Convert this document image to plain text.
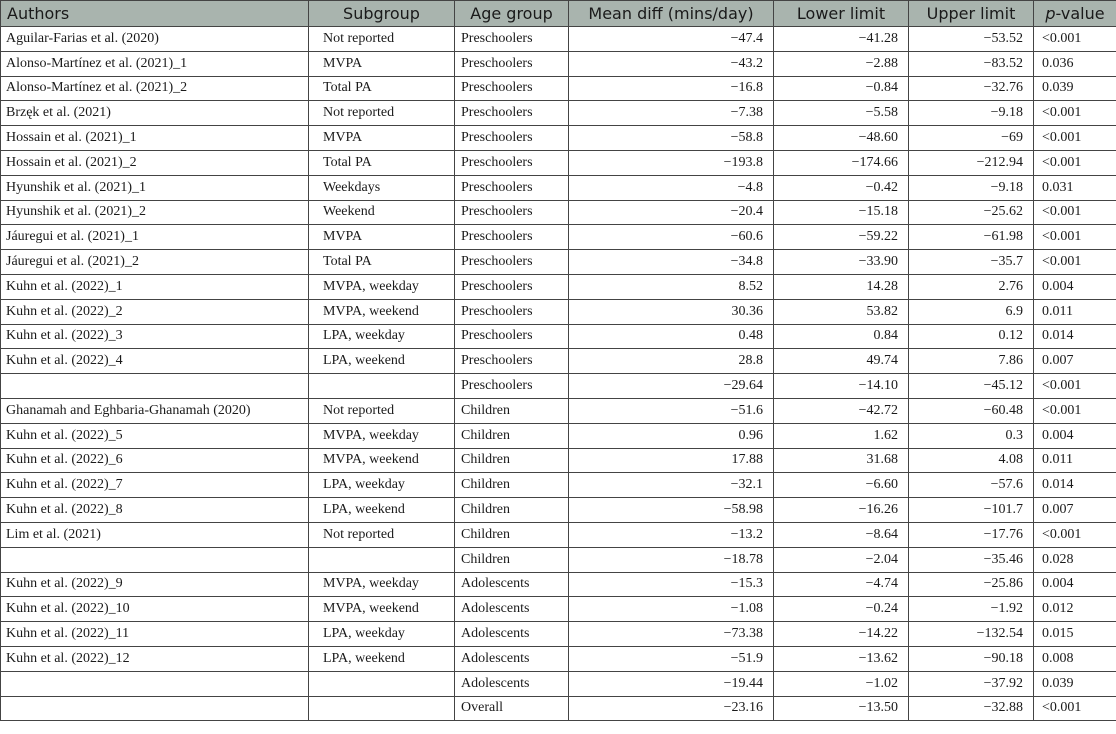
Authors	Subgroup	Age group	Mean diff (mins/day)	Lower limit	Upper limit	p-value
Aguilar-Farias et al. (2020)	Not reported	Preschoolers	−47.4	−41.28	−53.52	<0.001
Alonso-Martínez et al. (2021)_1	MVPA	Preschoolers	−43.2	−2.88	−83.52	0.036
Alonso-Martínez et al. (2021)_2	Total PA	Preschoolers	−16.8	−0.84	−32.76	0.039
Brzęk et al. (2021)	Not reported	Preschoolers	−7.38	−5.58	−9.18	<0.001
Hossain et al. (2021)_1	MVPA	Preschoolers	−58.8	−48.60	−69	<0.001
Hossain et al. (2021)_2	Total PA	Preschoolers	−193.8	−174.66	−212.94	<0.001
Hyunshik et al. (2021)_1	Weekdays	Preschoolers	−4.8	−0.42	−9.18	0.031
Hyunshik et al. (2021)_2	Weekend	Preschoolers	−20.4	−15.18	−25.62	<0.001
Jáuregui et al. (2021)_1	MVPA	Preschoolers	−60.6	−59.22	−61.98	<0.001
Jáuregui et al. (2021)_2	Total PA	Preschoolers	−34.8	−33.90	−35.7	<0.001
Kuhn et al. (2022)_1	MVPA, weekday	Preschoolers	8.52	14.28	2.76	0.004
Kuhn et al. (2022)_2	MVPA, weekend	Preschoolers	30.36	53.82	6.9	0.011
Kuhn et al. (2022)_3	LPA, weekday	Preschoolers	0.48	0.84	0.12	0.014
Kuhn et al. (2022)_4	LPA, weekend	Preschoolers	28.8	49.74	7.86	0.007
		Preschoolers	−29.64	−14.10	−45.12	<0.001
Ghanamah and Eghbaria-Ghanamah (2020)	Not reported	Children	−51.6	−42.72	−60.48	<0.001
Kuhn et al. (2022)_5	MVPA, weekday	Children	0.96	1.62	0.3	0.004
Kuhn et al. (2022)_6	MVPA, weekend	Children	17.88	31.68	4.08	0.011
Kuhn et al. (2022)_7	LPA, weekday	Children	−32.1	−6.60	−57.6	0.014
Kuhn et al. (2022)_8	LPA, weekend	Children	−58.98	−16.26	−101.7	0.007
Lim et al. (2021)	Not reported	Children	−13.2	−8.64	−17.76	<0.001
		Children	−18.78	−2.04	−35.46	0.028
Kuhn et al. (2022)_9	MVPA, weekday	Adolescents	−15.3	−4.74	−25.86	0.004
Kuhn et al. (2022)_10	MVPA, weekend	Adolescents	−1.08	−0.24	−1.92	0.012
Kuhn et al. (2022)_11	LPA, weekday	Adolescents	−73.38	−14.22	−132.54	0.015
Kuhn et al. (2022)_12	LPA, weekend	Adolescents	−51.9	−13.62	−90.18	0.008
		Adolescents	−19.44	−1.02	−37.92	0.039
		Overall	−23.16	−13.50	−32.88	<0.001
